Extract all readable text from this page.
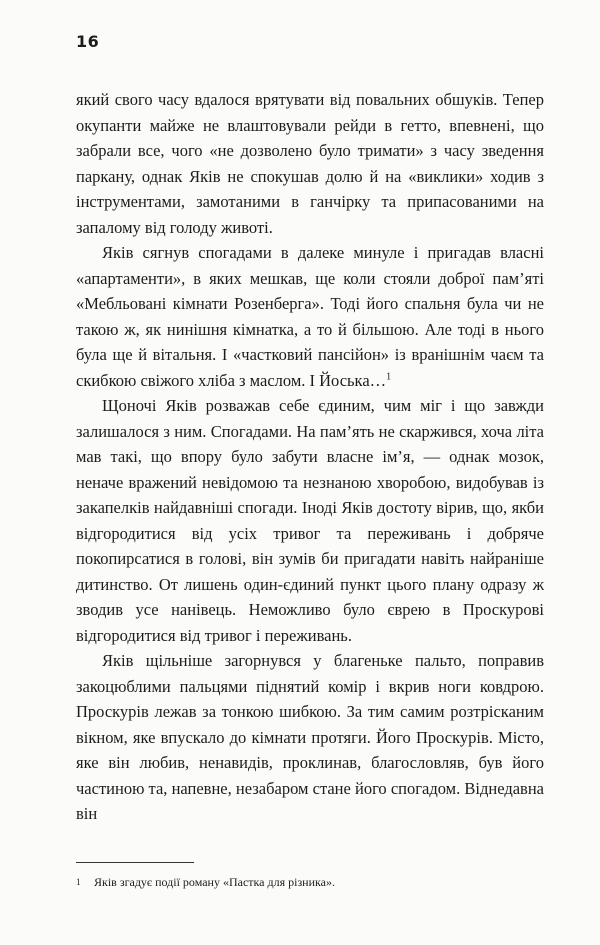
16

який свого часу вдалося врятувати від повальних обшуків. Тепер окупанти майже не влаштовували рейди в гетто, впевнені, що забрали все, чого «не дозволено було тримати» з часу зведення паркану, однак Яків не спокушав долю й на «виклики» ходив з інструментами, замотаними в ганчірку та припасованими на запалому від голоду животі.

Яків сягнув спогадами в далеке минуле і пригадав власні «апартаменти», в яких мешкав, ще коли стояли доброї пам’яті «Мебльовані кімнати Розенберга». Тоді його спальня була чи не такою ж, як нинішня кімнатка, а то й більшою. Але тоді в нього була ще й вітальня. І «частковий пансійон» із вранішнім чаєм та скибкою свіжого хліба з маслом. І Йоська…$^1$

Щоночі Яків розважав себе єдиним, чим міг і що завжди залишалося з ним. Спогадами. На пам’ять не скаржився, хоча літа мав такі, що впору було забути власне ім’я, — однак мозок, неначе вражений невідомою та незнаною хворобою, видобував із закапелків найдавніші спогади. Іноді Яків достоту вірив, що, якби відгородитися від усіх тривог та переживань і добряче покопирсатися в голові, він зумів би пригадати навіть найраніше дитинство. От лишень один-єдиний пункт цього плану одразу ж зводив усе нанівець. Неможливо було єврею в Проскурові відгородитися від тривог і переживань.

Яків щільніше загорнувся у благеньке пальто, поправив закоцюблими пальцями піднятий комір і вкрив ноги ковдрою. Проскурів лежав за тонкою шибкою. За тим самим розтрісканим вікном, яке впускало до кімнати протяги. Його Проскурів. Місто, яке він любив, ненавидів, проклинав, благословляв, був його частиною та, напевне, незабаром стане його спогадом. Віднедавна він

1 Яків згадує події роману «Пастка для різника».
